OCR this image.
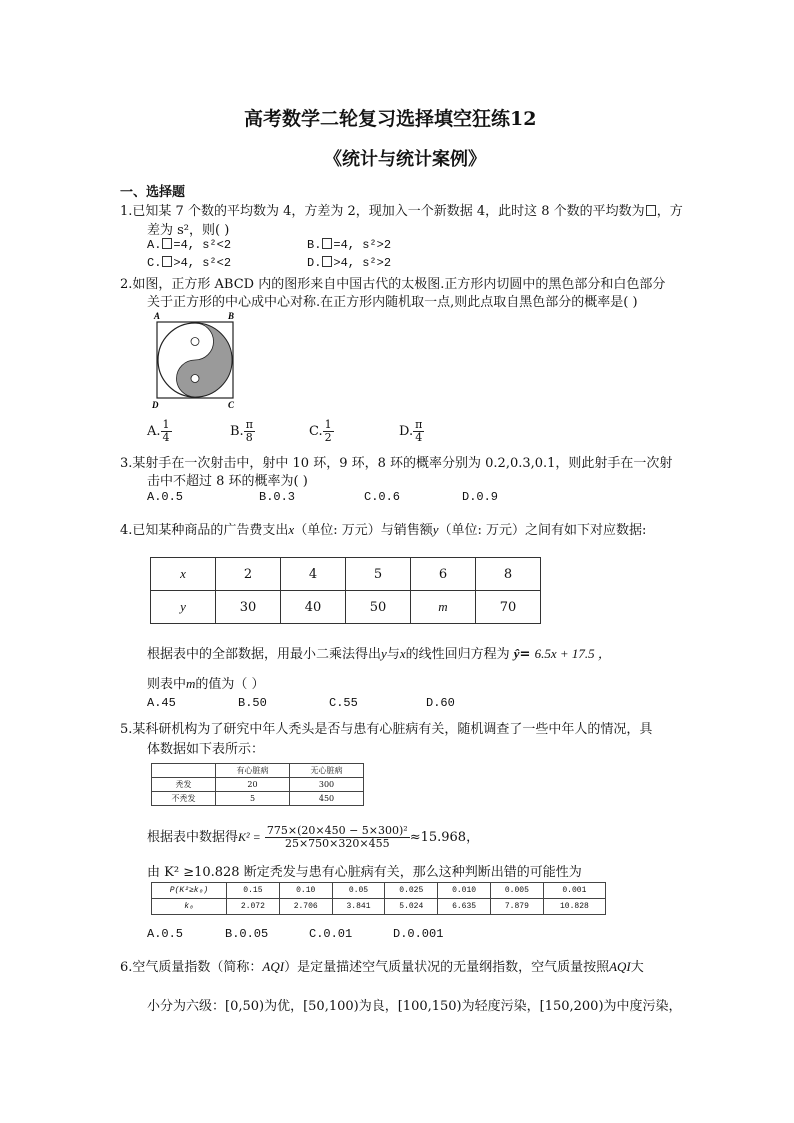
高考数学二轮复习选择填空狂练12
《统计与统计案例》
一、选择题
1.已知某 7 个数的平均数为 4，方差为 2，现加入一个新数据 4，此时这 8 个数的平均数为 ，方
差为 s²，则( )
A. =4, s²<2	B. =4, s²>2
C. >4, s²<2	D. >4, s²>2
2.如图，正方形 ABCD 内的图形来自中国古代的太极图.正方形内切圆中的黑色部分和白色部分
关于正方形的中心成中心对称.在正方形内随机取一点,则此点取自黑色部分的概率是( )
A	B
D	C
A. $\frac{1}{4}$	B. $\frac{\pi}{8}$	C. $\frac{1}{2}$	D. $\frac{\pi}{4}$
3.某射手在一次射击中，射中 10 环，9 环，8 环的概率分别为 0.2,0.3,0.1，则此射手在一次射
击中不超过 8 环的概率为( )
A.0.5	B.0.3	C.0.6	D.0.9
4.已知某种商品的广告费支出x（单位: 万元）与销售额y（单位: 万元）之间有如下对应数据:
x	2	4	5	6	8
y	30	40	50	m	70
根据表中的全部数据，用最小二乘法得出y与x的线性回归方程为 ŷ= 6.5x + 17.5 ，
则表中m的值为（ ）
A.45	B.50	C.55	D.60
5.某科研机构为了研究中年人秃头是否与患有心脏病有关，随机调查了一些中年人的情况，具
体数据如下表所示：
	有心脏病	无心脏病
秃发	20	300
不秃发	5	450
根据表中数据得$K^2 = \frac{\text{775×(20×450 − 5×300)²}}{25\times 750\times 320\times 455} \approx 15.968$，
由 K² ≥10.828 断定秃发与患有心脏病有关，那么这种判断出错的可能性为
P(K²≥k₀)	0.15	0.10	0.05	0.025	0.010	0.005	0.001
k₀	2.072	2.706	3.841	5.024	6.635	7.879	10.828
A.0.5	B.0.05	C.0.01	D.0.001
6.空气质量指数（简称：AQI）是定量描述空气质量状况的无量纲指数，空气质量按照AQI大
小分为六级：[0,50)为优，[50,100)为良，[100,150)为轻度污染，[150,200)为中度污染，
